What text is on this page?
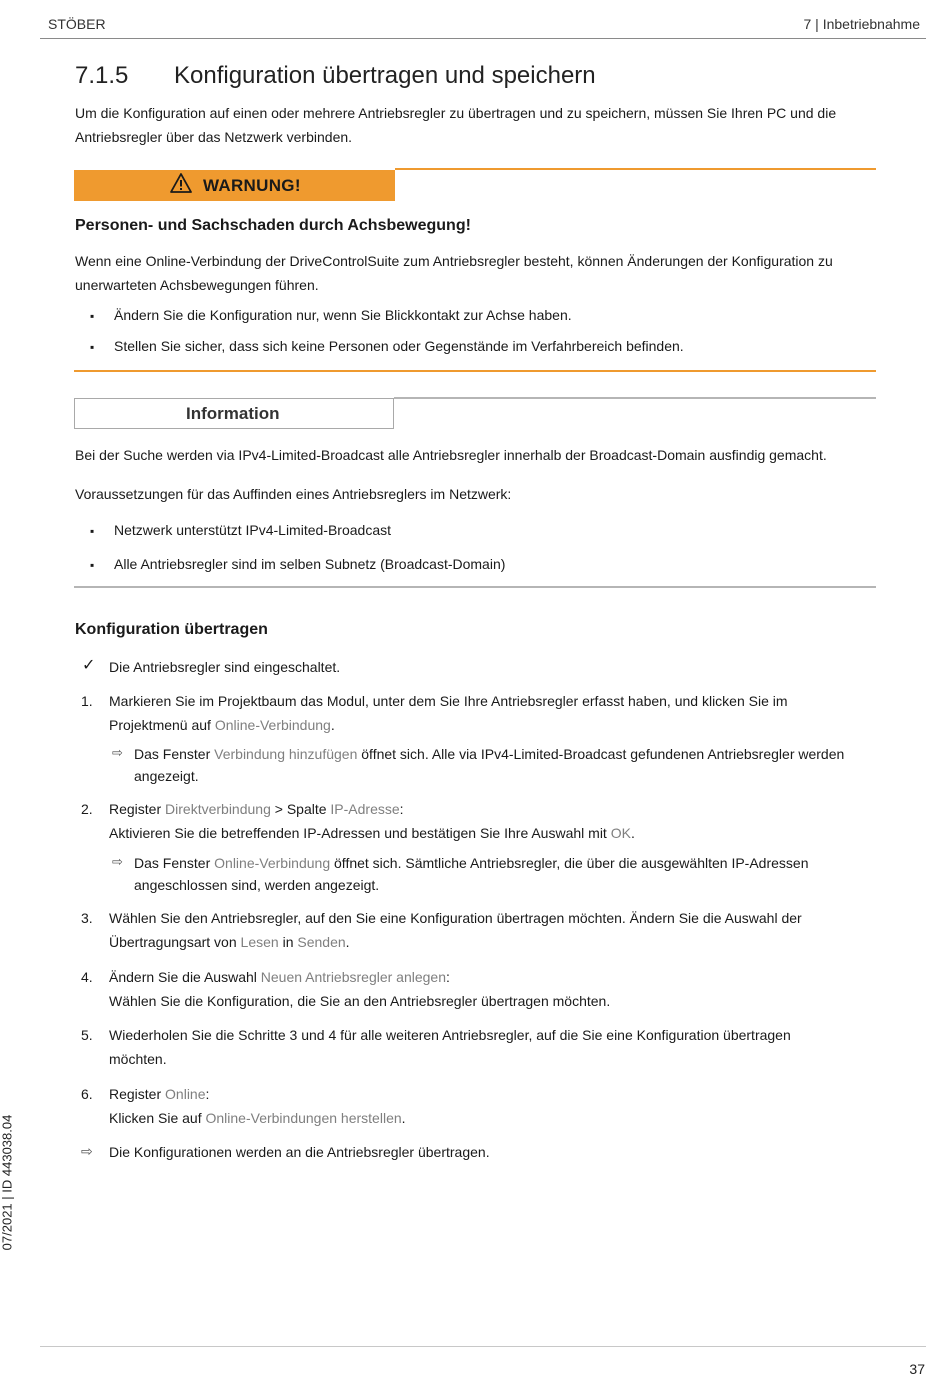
STÖBER	7 | Inbetriebnahme
7.1.5 Konfiguration übertragen und speichern
Um die Konfiguration auf einen oder mehrere Antriebsregler zu übertragen und zu speichern, müssen Sie Ihren PC und die Antriebsregler über das Netzwerk verbinden.
WARNUNG!
Personen- und Sachschaden durch Achsbewegung!
Wenn eine Online-Verbindung der DriveControlSuite zum Antriebsregler besteht, können Änderungen der Konfiguration zu unerwarteten Achsbewegungen führen.
▪ Ändern Sie die Konfiguration nur, wenn Sie Blickkontakt zur Achse haben.
▪ Stellen Sie sicher, dass sich keine Personen oder Gegenstände im Verfahrbereich befinden.
Information
Bei der Suche werden via IPv4-Limited-Broadcast alle Antriebsregler innerhalb der Broadcast-Domain ausfindig gemacht.
Voraussetzungen für das Auffinden eines Antriebsreglers im Netzwerk:
▪ Netzwerk unterstützt IPv4-Limited-Broadcast
▪ Alle Antriebsregler sind im selben Subnetz (Broadcast-Domain)
Konfiguration übertragen
✓ Die Antriebsregler sind eingeschaltet.
1. Markieren Sie im Projektbaum das Modul, unter dem Sie Ihre Antriebsregler erfasst haben, und klicken Sie im
Projektmenü auf Online-Verbindung.
⇨ Das Fenster Verbindung hinzufügen öffnet sich. Alle via IPv4-Limited-Broadcast gefundenen Antriebsregler werden
angezeigt.
2. Register Direktverbindung > Spalte IP-Adresse:
Aktivieren Sie die betreffenden IP-Adressen und bestätigen Sie Ihre Auswahl mit OK.
⇨ Das Fenster Online-Verbindung öffnet sich. Sämtliche Antriebsregler, die über die ausgewählten IP-Adressen
angeschlossen sind, werden angezeigt.
3. Wählen Sie den Antriebsregler, auf den Sie eine Konfiguration übertragen möchten. Ändern Sie die Auswahl der
Übertragungsart von Lesen in Senden.
4. Ändern Sie die Auswahl Neuen Antriebsregler anlegen:
Wählen Sie die Konfiguration, die Sie an den Antriebsregler übertragen möchten.
5. Wiederholen Sie die Schritte 3 und 4 für alle weiteren Antriebsregler, auf die Sie eine Konfiguration übertragen
möchten.
6. Register Online:
Klicken Sie auf Online-Verbindungen herstellen.
⇨ Die Konfigurationen werden an die Antriebsregler übertragen.
07/2021 | ID 443038.04
37
